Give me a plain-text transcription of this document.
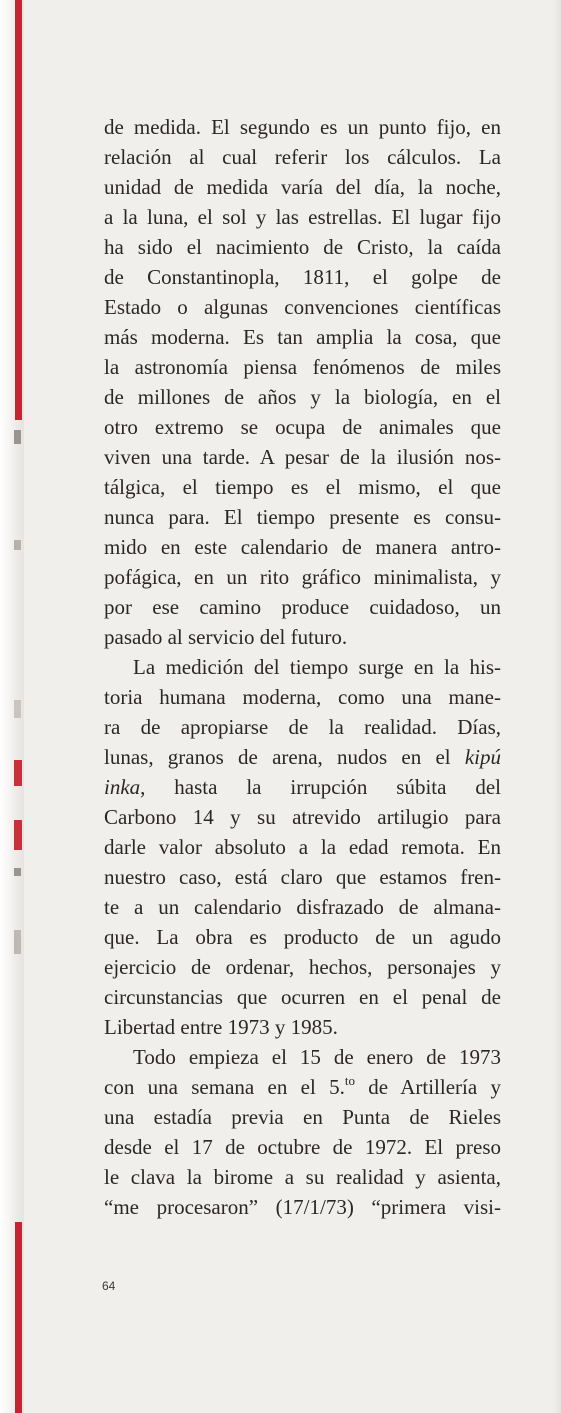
de medida. El segundo es un punto fijo, en
relación al cual referir los cálculos. La
unidad de medida varía del día, la noche,
a la luna, el sol y las estrellas. El lugar fijo
ha sido el nacimiento de Cristo, la caída
de Constantinopla, 1811, el golpe de
Estado o algunas convenciones científicas
más moderna. Es tan amplia la cosa, que
la astronomía piensa fenómenos de miles
de millones de años y la biología, en el
otro extremo se ocupa de animales que
viven una tarde. A pesar de la ilusión nos-
tálgica, el tiempo es el mismo, el que
nunca para. El tiempo presente es consu-
mido en este calendario de manera antro-
pofágica, en un rito gráfico minimalista, y
por ese camino produce cuidadoso, un
pasado al servicio del futuro.

La medición del tiempo surge en la his-
toria humana moderna, como una mane-
ra de apropiarse de la realidad. Días,
lunas, granos de arena, nudos en el kipú
inka, hasta la irrupción súbita del
Carbono 14 y su atrevido artilugio para
darle valor absoluto a la edad remota. En
nuestro caso, está claro que estamos fren-
te a un calendario disfrazado de almana-
que. La obra es producto de un agudo
ejercicio de ordenar, hechos, personajes y
circunstancias que ocurren en el penal de
Libertad entre 1973 y 1985.

Todo empieza el 15 de enero de 1973
con una semana en el 5.$^{to}$ de Artillería y
una estadía previa en Punta de Rieles
desde el 17 de octubre de 1972. El preso
le clava la birome a su realidad y asienta,
“me procesaron” (17/1/73) “primera visi-

64
